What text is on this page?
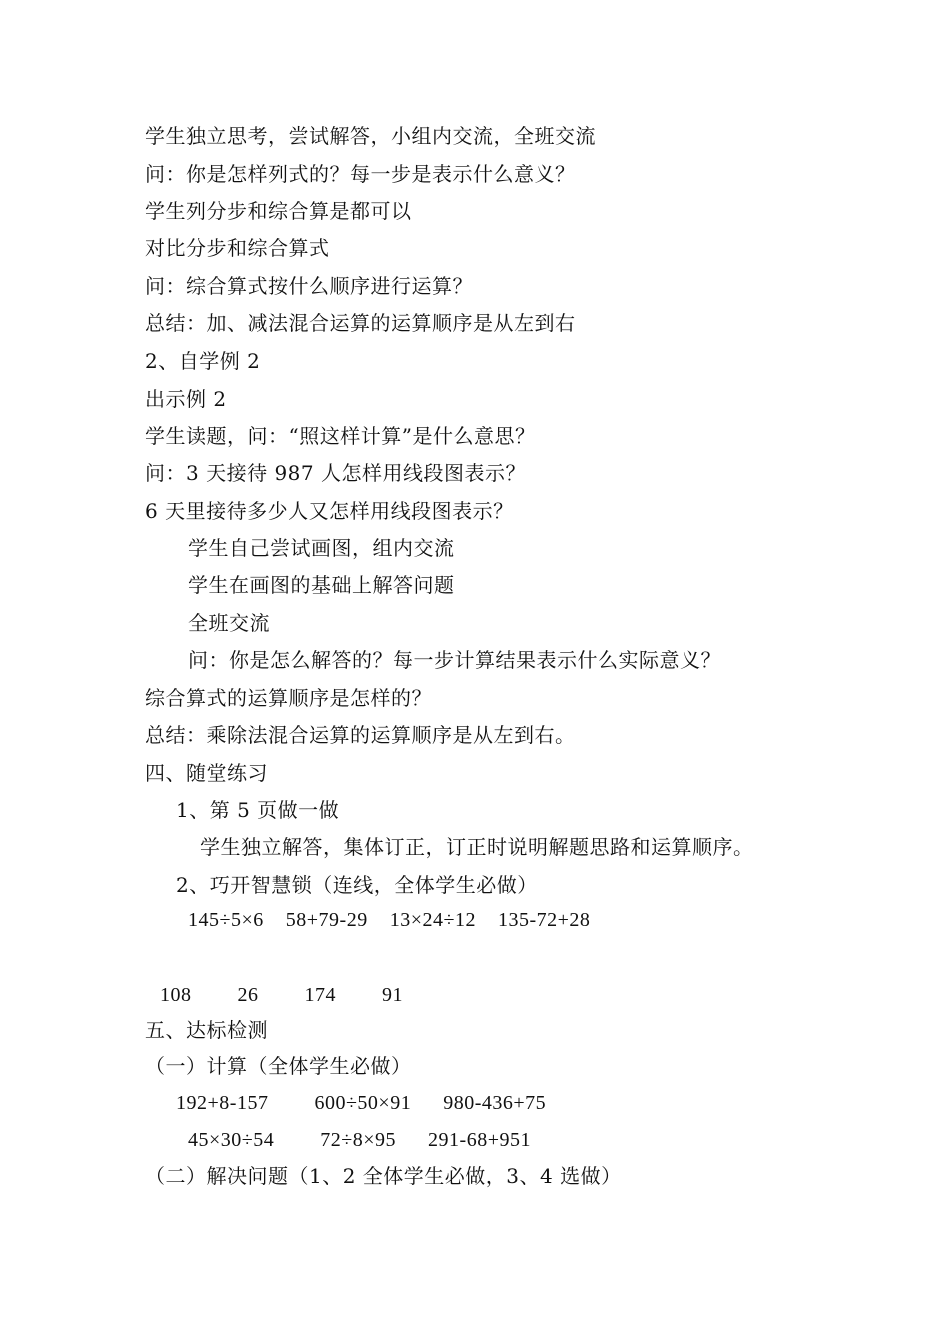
学生独立思考，尝试解答，小组内交流，全班交流
问：你是怎样列式的？每一步是表示什么意义？
学生列分步和综合算是都可以
对比分步和综合算式
问：综合算式按什么顺序进行运算？
总结：加、减法混合运算的运算顺序是从左到右
2、自学例 2
出示例 2
学生读题，问：“照这样计算”是什么意思？
问：3 天接待 987 人怎样用线段图表示？
6 天里接待多少人又怎样用线段图表示？
学生自己尝试画图，组内交流
学生在画图的基础上解答问题
全班交流
问：你是怎么解答的？每一步计算结果表示什么实际意义？
综合算式的运算顺序是怎样的？
总结：乘除法混合运算的运算顺序是从左到右。
四、随堂练习
1、第 5 页做一做
学生独立解答，集体订正，订正时说明解题思路和运算顺序。
2、巧开智慧锁（连线，全体学生必做）
145÷5×6 58+79-29 13×24÷12 135-72+28
108 26 174 91
五、达标检测
（一）计算（全体学生必做）
192+8-157 600÷50×91 980-436+75
45×30÷54 72÷8×95 291-68+951
（二）解决问题（1、2 全体学生必做，3、4 选做）
